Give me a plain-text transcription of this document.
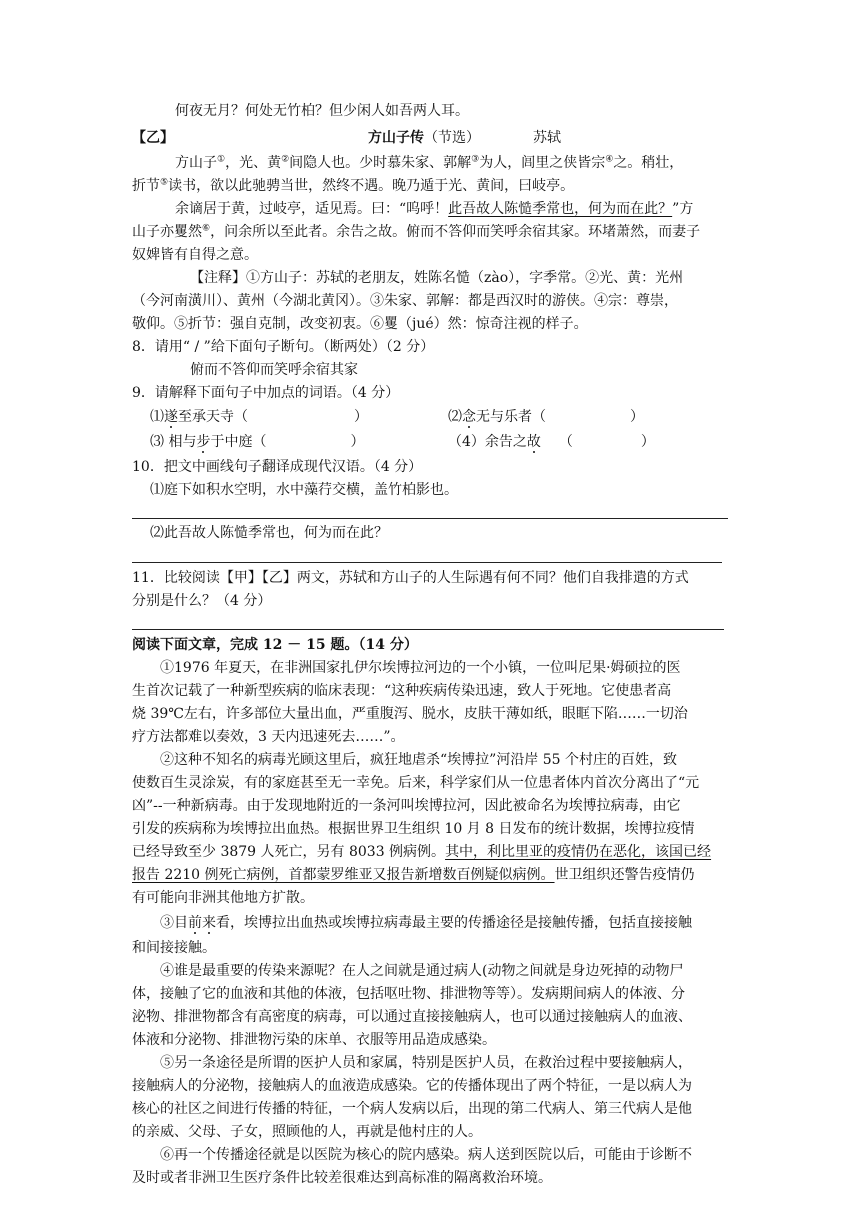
何夜无月？何处无竹柏？但少闲人如吾两人耳。
【乙】	方山子传（节选）	苏轼
方山子①，光、黄②间隐人也。少时慕朱家、郭解③为人，闾里之侠皆宗④之。稍壮，
折节⑤读书，欲以此驰骋当世，然终不遇。晚乃遁于光、黄间，曰岐亭。
余谪居于黄，过岐亭，适见焉。曰：“呜呼！此吾故人陈慥季常也，何为而在此？”方
山子亦矍然⑥，问余所以至此者。余告之故。俯而不答仰而笑呼余宿其家。环堵萧然，而妻子
奴婢皆有自得之意。
【注释】①方山子：苏轼的老朋友，姓陈名慥（zào），字季常。②光、黄：光州
（今河南潢川）、黄州（今湖北黄冈）。③朱家、郭解：都是西汉时的游侠。④宗：尊崇，
敬仰。⑤折节：强自克制，改变初衷。⑥矍（jué）然：惊奇注视的样子。
8．请用“ / ”给下面句子断句。（断两处）（2 分）
俯而不答仰而笑呼余宿其家
9．请解释下面句子中加点的词语。（4 分）
⑴遂至承天寺（	）	⑵念无与乐者（	）
⑶ 相与步于中庭（	）	（4）余告之故 （	）
10．把文中画线句子翻译成现代汉语。（4 分）
⑴庭下如积水空明，水中藻荇交横，盖竹柏影也。
⑵此吾故人陈慥季常也，何为而在此？
11．比较阅读【甲】【乙】两文，苏轼和方山子的人生际遇有何不同？他们自我排遣的方式
分别是什么？（4 分）
阅读下面文章，完成 12 － 15 题。（14 分）
①1976 年夏天，在非洲国家扎伊尔埃博拉河边的一个小镇，一位叫尼果·姆硕拉的医
生首次记载了一种新型疾病的临床表现：“这种疾病传染迅速，致人于死地。它使患者高
烧 39℃左右，许多部位大量出血，严重腹泻、脱水，皮肤干薄如纸，眼眶下陷……一切治
疗方法都难以奏效，3 天内迅速死去……”。
②这种不知名的病毒光顾这里后，疯狂地虐杀“埃博拉”河沿岸 55 个村庄的百姓，致
使数百生灵涂炭，有的家庭甚至无一幸免。后来，科学家们从一位患者体内首次分离出了“元
凶”--一种新病毒。由于发现地附近的一条河叫埃博拉河，因此被命名为埃博拉病毒，由它
引发的疾病称为埃博拉出血热。根据世界卫生组织 10 月 8 日发布的统计数据，埃博拉疫情
已经导致至少 3879 人死亡，另有 8033 例病例。其中，利比里亚的疫情仍在恶化，该国已经
报告 2210 例死亡病例，首都蒙罗维亚又报告新增数百例疑似病例。世卫组织还警告疫情仍
有可能向非洲其他地方扩散。
③目前来看，埃博拉出血热或埃博拉病毒最主要的传播途径是接触传播，包括直接接触
和间接接触。
④谁是最重要的传染来源呢？在人之间就是通过病人(动物之间就是身边死掉的动物尸
体，接触了它的血液和其他的体液，包括呕吐物、排泄物等等）。发病期间病人的体液、分
泌物、排泄物都含有高密度的病毒，可以通过直接接触病人，也可以通过接触病人的血液、
体液和分泌物、排泄物污染的床单、衣服等用品造成感染。
⑤另一条途径是所谓的医护人员和家属，特别是医护人员，在救治过程中要接触病人，
接触病人的分泌物，接触病人的血液造成感染。它的传播体现出了两个特征，一是以病人为
核心的社区之间进行传播的特征，一个病人发病以后，出现的第二代病人、第三代病人是他
的亲威、父母、子女，照顾他的人，再就是他村庄的人。
⑥再一个传播途径就是以医院为核心的院内感染。病人送到医院以后，可能由于诊断不
及时或者非洲卫生医疗条件比较差很难达到高标准的隔离救治环境。
